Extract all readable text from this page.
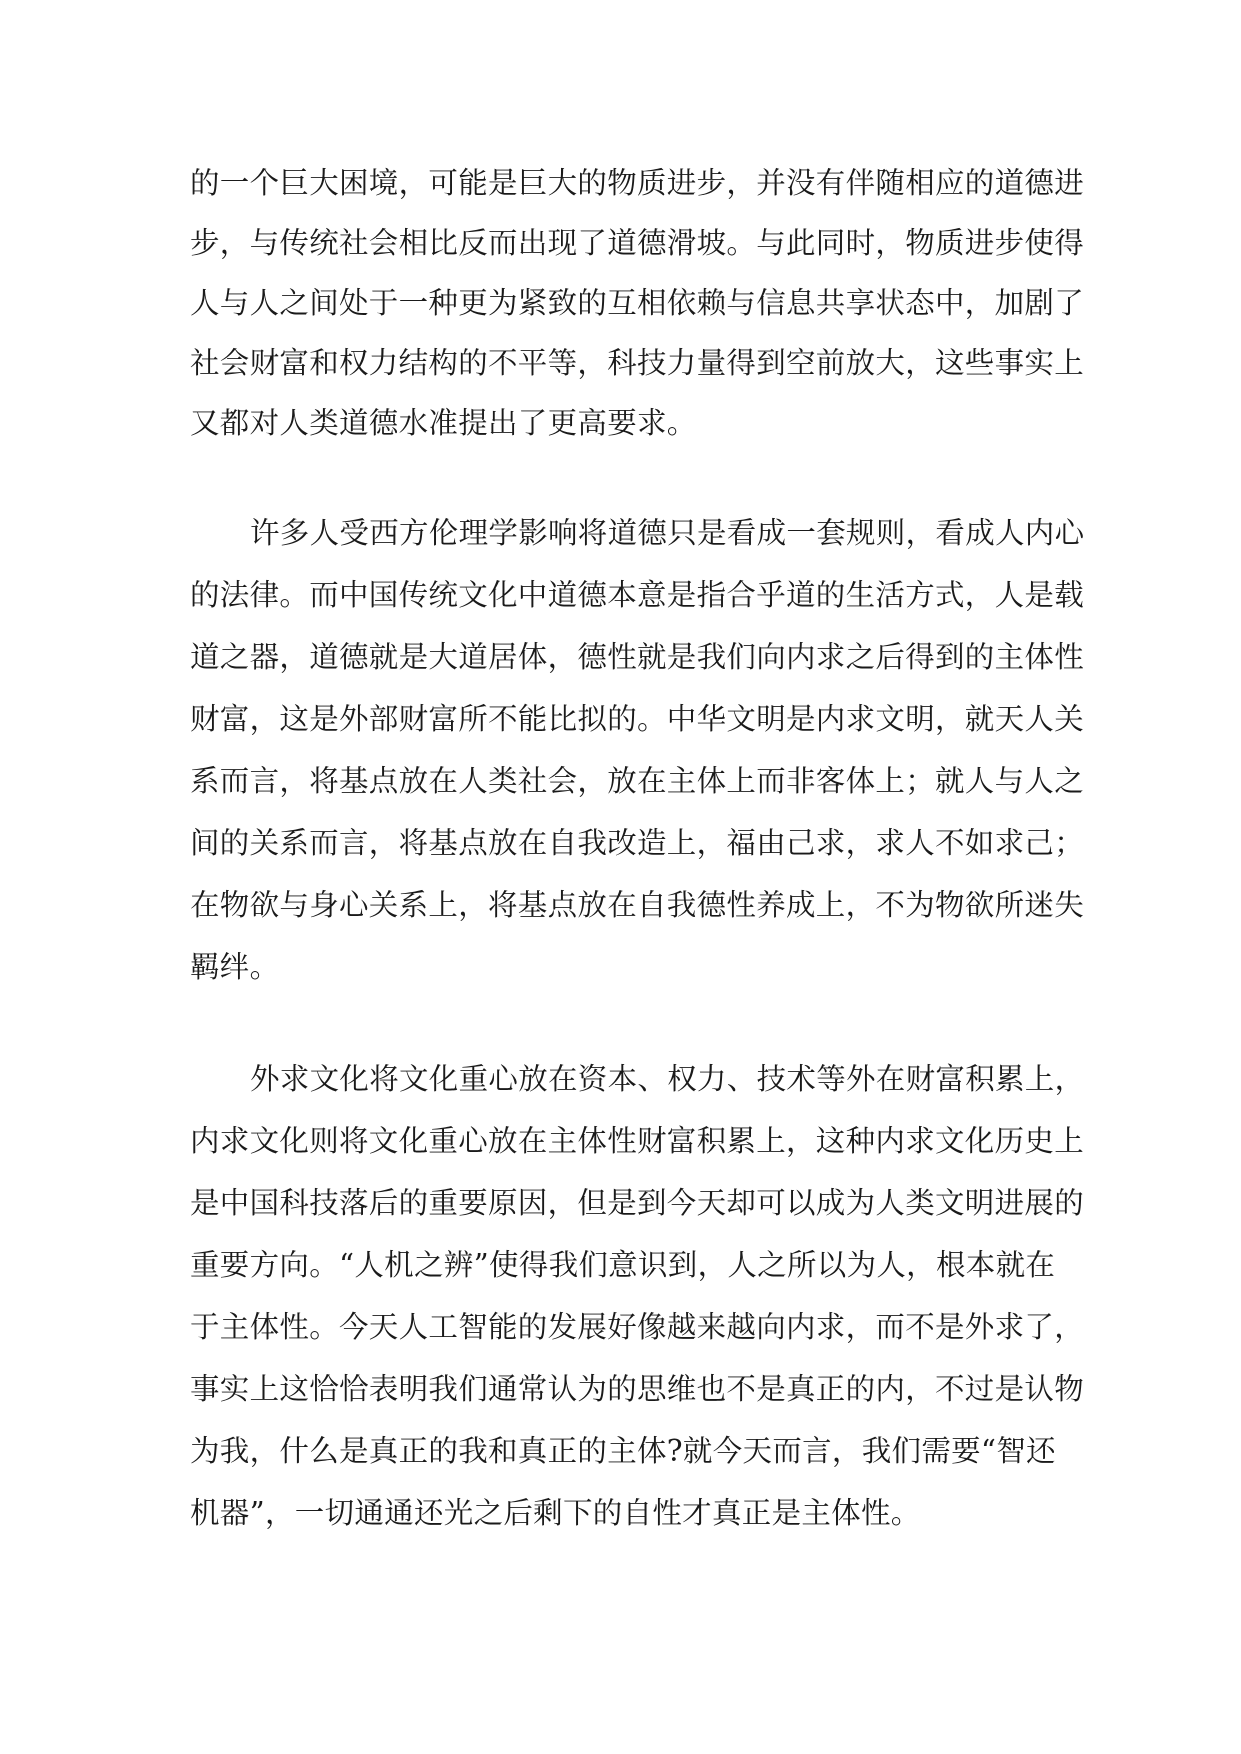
的一个巨大困境，可能是巨大的物质进步，并没有伴随相应的道德进
步，与传统社会相比反而出现了道德滑坡。与此同时，物质进步使得
人与人之间处于一种更为紧致的互相依赖与信息共享状态中，加剧了
社会财富和权力结构的不平等，科技力量得到空前放大，这些事实上
又都对人类道德水准提出了更高要求。
许多人受西方伦理学影响将道德只是看成一套规则，看成人内心
的法律。而中国传统文化中道德本意是指合乎道的生活方式，人是载
道之器，道德就是大道居体，德性就是我们向内求之后得到的主体性
财富，这是外部财富所不能比拟的。中华文明是内求文明，就天人关
系而言，将基点放在人类社会，放在主体上而非客体上；就人与人之
间的关系而言，将基点放在自我改造上，福由己求，求人不如求己；
在物欲与身心关系上，将基点放在自我德性养成上，不为物欲所迷失
羁绊。
外求文化将文化重心放在资本、权力、技术等外在财富积累上，
内求文化则将文化重心放在主体性财富积累上，这种内求文化历史上
是中国科技落后的重要原因，但是到今天却可以成为人类文明进展的
重要方向。“人机之辨”使得我们意识到，人之所以为人，根本就在
于主体性。今天人工智能的发展好像越来越向内求，而不是外求了，
事实上这恰恰表明我们通常认为的思维也不是真正的内，不过是认物
为我，什么是真正的我和真正的主体?就今天而言，我们需要“智还
机器”，一切通通还光之后剩下的自性才真正是主体性。
